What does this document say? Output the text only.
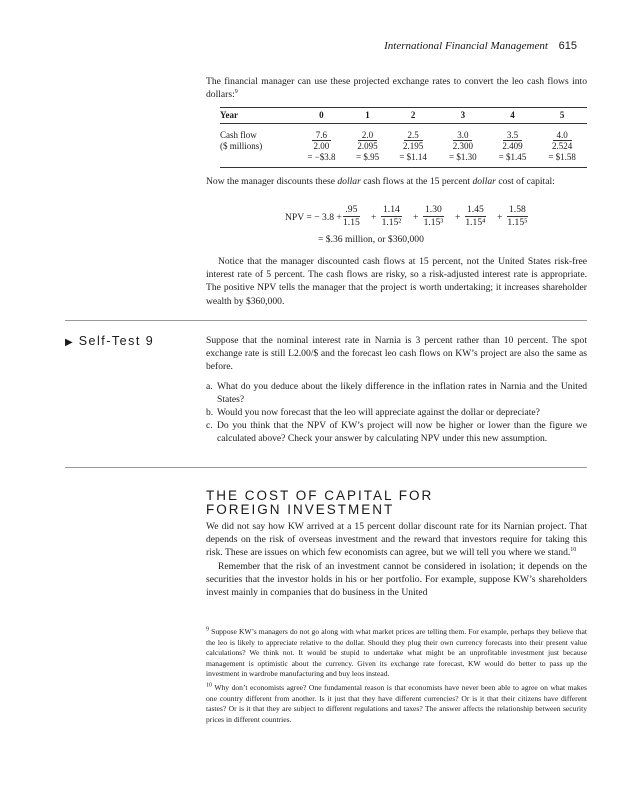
International Financial Management 615

The financial manager can use these projected exchange rates to convert the leo cash flows into dollars:$^9$

Year	0	1	2	3	4	5
Cash flow	7.6	2.0	2.5	3.0	3.5	4.0
($ millions)	2.00	2.095	2.195	2.300	2.409	2.524
	= −$3.8	= $.95	= $1.14	= $1.30	= $1.45	= $1.58

Now the manager discounts these dollar cash flows at the 15 percent dollar cost of capital:

NPV = − $3.8 + \frac{.95}{1.15} + \frac{1.14}{\text{1.15²}} + \frac{1.30}{\text{1.15³}} + \frac{1.45}{\text{1.15⁴}} + \frac{1.58}{\text{1.15⁵}}$
= $.36 million, or $360,000

Notice that the manager discounted cash flows at 15 percent, not the United States risk-free interest rate of 5 percent. The cash flows are risky, so a risk-adjusted interest rate is appropriate. The positive NPV tells the manager that the project is worth undertaking; it increases shareholder wealth by $360,000.

▶ Self-Test 9	Suppose that the nominal interest rate in Narnia is 3 percent rather than 10 percent. The spot exchange rate is still L2.00/$ and the forecast leo cash flows on KW’s project are also the same as before.

a. What do you deduce about the likely difference in the inflation rates in Narnia and the United States?
b. Would you now forecast that the leo will appreciate against the dollar or depreciate?
c. Do you think that the NPV of KW’s project will now be higher or lower than the figure we calculated above? Check your answer by calculating NPV under this new assumption.
THE COST OF CAPITAL FOR
FOREIGN INVESTMENT

We did not say how KW arrived at a 15 percent dollar discount rate for its Narnian project. That depends on the risk of overseas investment and the reward that investors require for taking this risk. These are issues on which few economists can agree, but we will tell you where we stand.$^{10}$

Remember that the risk of an investment cannot be considered in isolation; it depends on the securities that the investor holds in his or her portfolio. For example, suppose KW’s shareholders invest mainly in companies that do business in the United

$^9$ Suppose KW’s managers do not go along with what market prices are telling them. For example, perhaps they believe that the leo is likely to appreciate relative to the dollar. Should they plug their own currency forecasts into their present value calculations? We think not. It would be stupid to undertake what might be an unprofitable investment just because management is optimistic about the currency. Given its exchange rate forecast, KW would do better to pass up the investment in wardrobe manufacturing and buy leos instead.

$^{10}$ Why don’t economists agree? One fundamental reason is that economists have never been able to agree on what makes one country different from another. Is it just that they have different currencies? Or is it that their citizens have different tastes? Or is it that they are subject to different regulations and taxes? The answer affects the relationship between security prices in different countries.
